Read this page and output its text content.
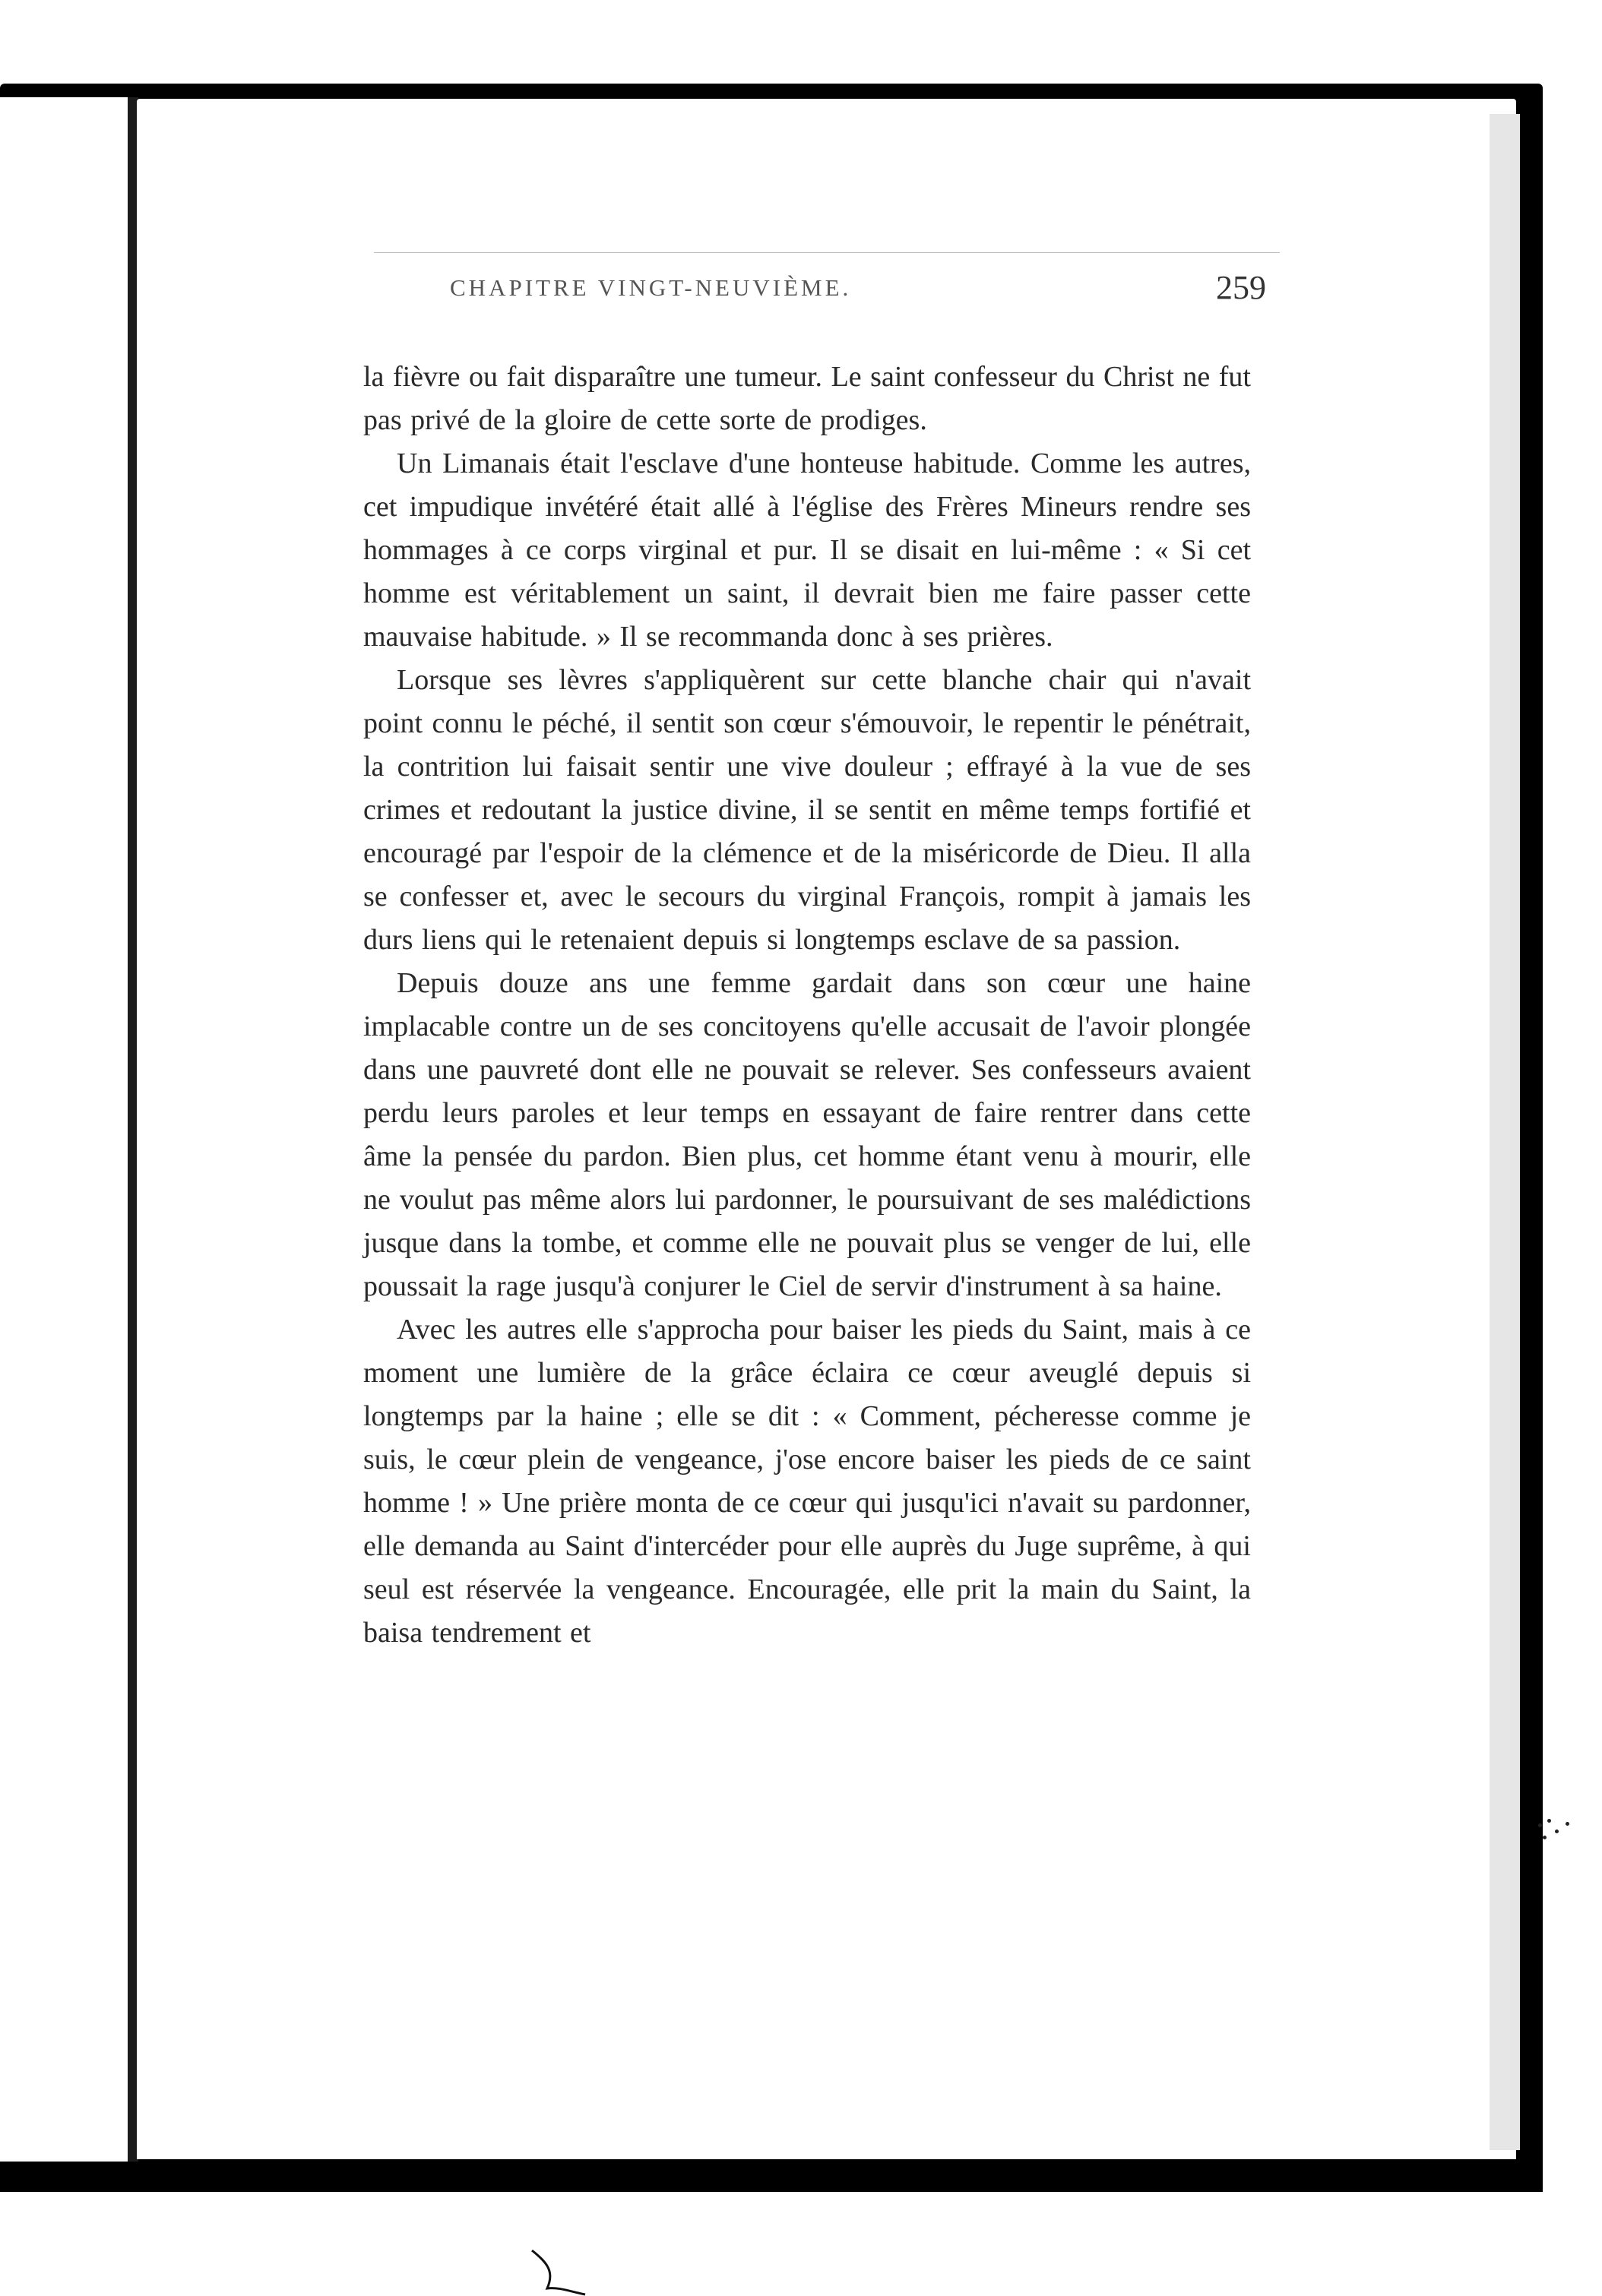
CHAPITRE VINGT-NEUVIÈME.	259

la fièvre ou fait disparaître une tumeur. Le saint confesseur du Christ ne fut pas privé de la gloire de cette sorte de prodiges.

Un Limanais était l'esclave d'une honteuse habitude. Comme les autres, cet impudique invétéré était allé à l'église des Frères Mineurs rendre ses hommages à ce corps virginal et pur. Il se disait en lui-même : « Si cet homme est véritablement un saint, il devrait bien me faire passer cette mauvaise habitude. » Il se recommanda donc à ses prières.

Lorsque ses lèvres s'appliquèrent sur cette blanche chair qui n'avait point connu le péché, il sentit son cœur s'émouvoir, le repentir le pénétrait, la contrition lui faisait sentir une vive douleur ; effrayé à la vue de ses crimes et redoutant la justice divine, il se sentit en même temps fortifié et encouragé par l'espoir de la clémence et de la miséricorde de Dieu. Il alla se confesser et, avec le secours du virginal François, rompit à jamais les durs liens qui le retenaient depuis si longtemps esclave de sa passion.

Depuis douze ans une femme gardait dans son cœur une haine implacable contre un de ses concitoyens qu'elle accusait de l'avoir plongée dans une pauvreté dont elle ne pouvait se relever. Ses confesseurs avaient perdu leurs paroles et leur temps en essayant de faire rentrer dans cette âme la pensée du pardon. Bien plus, cet homme étant venu à mourir, elle ne voulut pas même alors lui pardonner, le poursuivant de ses malédictions jusque dans la tombe, et comme elle ne pouvait plus se venger de lui, elle poussait la rage jusqu'à conjurer le Ciel de servir d'instrument à sa haine.

Avec les autres elle s'approcha pour baiser les pieds du Saint, mais à ce moment une lumière de la grâce éclaira ce cœur aveuglé depuis si longtemps par la haine ; elle se dit : « Comment, pécheresse comme je suis, le cœur plein de vengeance, j'ose encore baiser les pieds de ce saint homme ! » Une prière monta de ce cœur qui jusqu'ici n'avait su pardonner, elle demanda au Saint d'intercéder pour elle auprès du Juge suprême, à qui seul est réservée la vengeance. Encouragée, elle prit la main du Saint, la baisa tendrement et
